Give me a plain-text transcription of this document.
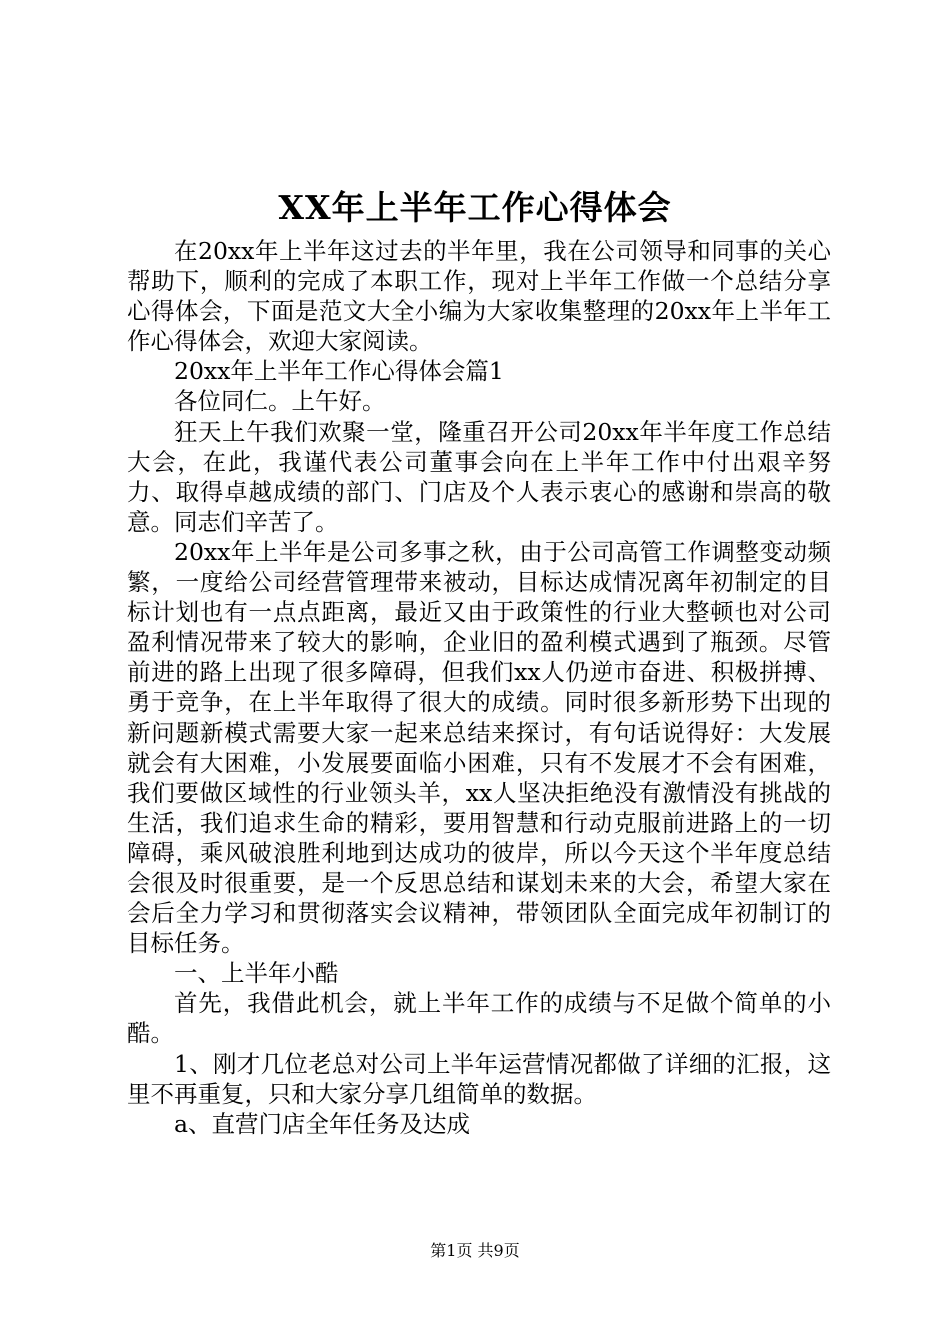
XX年上半年工作心得体会

在20xx年上半年这过去的半年里，我在公司领导和同事的关心帮助下，顺利的完成了本职工作，现对上半年工作做一个总结分享心得体会，下面是范文大全小编为大家收集整理的20xx年上半年工作心得体会，欢迎大家阅读。

20xx年上半年工作心得体会篇1

各位同仁。上午好。

狂天上午我们欢聚一堂，隆重召开公司20xx年半年度工作总结大会，在此，我谨代表公司董事会向在上半年工作中付出艰辛努力、取得卓越成绩的部门、门店及个人表示衷心的感谢和崇高的敬意。同志们辛苦了。

20xx年上半年是公司多事之秋，由于公司高管工作调整变动频繁，一度给公司经营管理带来被动，目标达成情况离年初制定的目标计划也有一点点距离，最近又由于政策性的行业大整顿也对公司盈利情况带来了较大的影响，企业旧的盈利模式遇到了瓶颈。尽管前进的路上出现了很多障碍，但我们xx人仍逆市奋进、积极拼搏、勇于竞争，在上半年取得了很大的成绩。同时很多新形势下出现的新问题新模式需要大家一起来总结来探讨，有句话说得好：大发展就会有大困难，小发展要面临小困难，只有不发展才不会有困难，我们要做区域性的行业领头羊，xx人坚决拒绝没有激情没有挑战的生活，我们追求生命的精彩，要用智慧和行动克服前进路上的一切障碍，乘风破浪胜利地到达成功的彼岸，所以今天这个半年度总结会很及时很重要，是一个反思总结和谋划未来的大会，希望大家在会后全力学习和贯彻落实会议精神，带领团队全面完成年初制订的目标任务。

一、上半年小酷

首先，我借此机会，就上半年工作的成绩与不足做个简单的小酷。

1、刚才几位老总对公司上半年运营情况都做了详细的汇报，这里不再重复，只和大家分享几组简单的数据。

a、直营门店全年任务及达成

第1页 共9页
